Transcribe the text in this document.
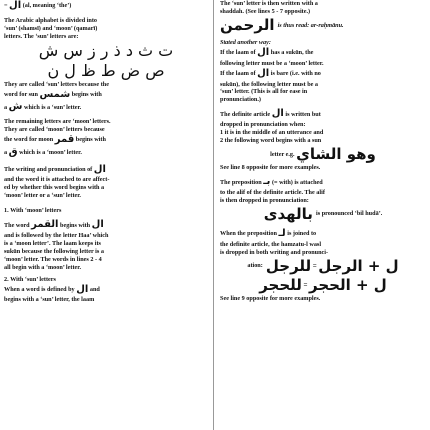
=
ال
(al, meaning ‘the’)
The Arabic alphabet is divided into
‘sun’ (shamsī) and ‘moon’ (qamarī)
letters. The ‘sun’ letters are:
ت ث د ذ ر ز س ش
ص ض ط ظ ل ن
They are called ‘sun’ letters because the
word for sun
شمس
begins with
a
ش
which is a ‘sun’ letter.
The remaining letters are ‘moon’ letters.
They are called ‘moon’ letters because
the word for moon
قمر
begins with
a
ق
which is a ‘moon’ letter.
The writing and pronunciation of
ال
and the word it is attached to are affect-
ed by whether this word begins with a
‘moon’ letter or a ‘sun’ letter.
1. With ‘moon’ letters
The word
القمر
begins with
ال
and is followed by the letter Haa’ which
is a ‘moon letter’. The laam keeps its
sukūn because the following letter is a
‘moon’ letter. The words in lines 2 - 4
all begin with a ‘moon’ letter.
2. With ‘sun’ letters
When a word is defined by
ال
and
begins with a ‘sun’ letter, the laam
The ‘sun’ letter is then written with a
shaddah. (See lines 5 - 7 opposite.)
الرحمن
is thus read: ar-raḥmānu.
Stated another way:
If the laam of
ال
has a sukūn, the
following letter must be a ‘moon’ letter.
If the laam of
ال
is bare (i.e. with no
sukūn), the following letter must be a
‘sun’ letter. (This is all for ease in
pronunciation.)
The definite article
ال
is written but
dropped in pronunciation when:
1 it is in the middle of an utterance and
2 the following word begins with a sun
letter e.g.
وهو الشاي
See line 8 opposite for more examples.
The preposition
بـ
(= with) is attached
to the alif of the definite article. The alif
is then dropped in pronunciation:
بالهدى
is pronounced ‘bil hudā’.
When the preposition
لـ
is joined to
the definite article, the hamzatu-l wasl
is dropped in both writing and pronunci-
ation:
للرجل
=
ل + الرجل
للحجر
=
ل + الحجر
See line 9 opposite for more examples.
